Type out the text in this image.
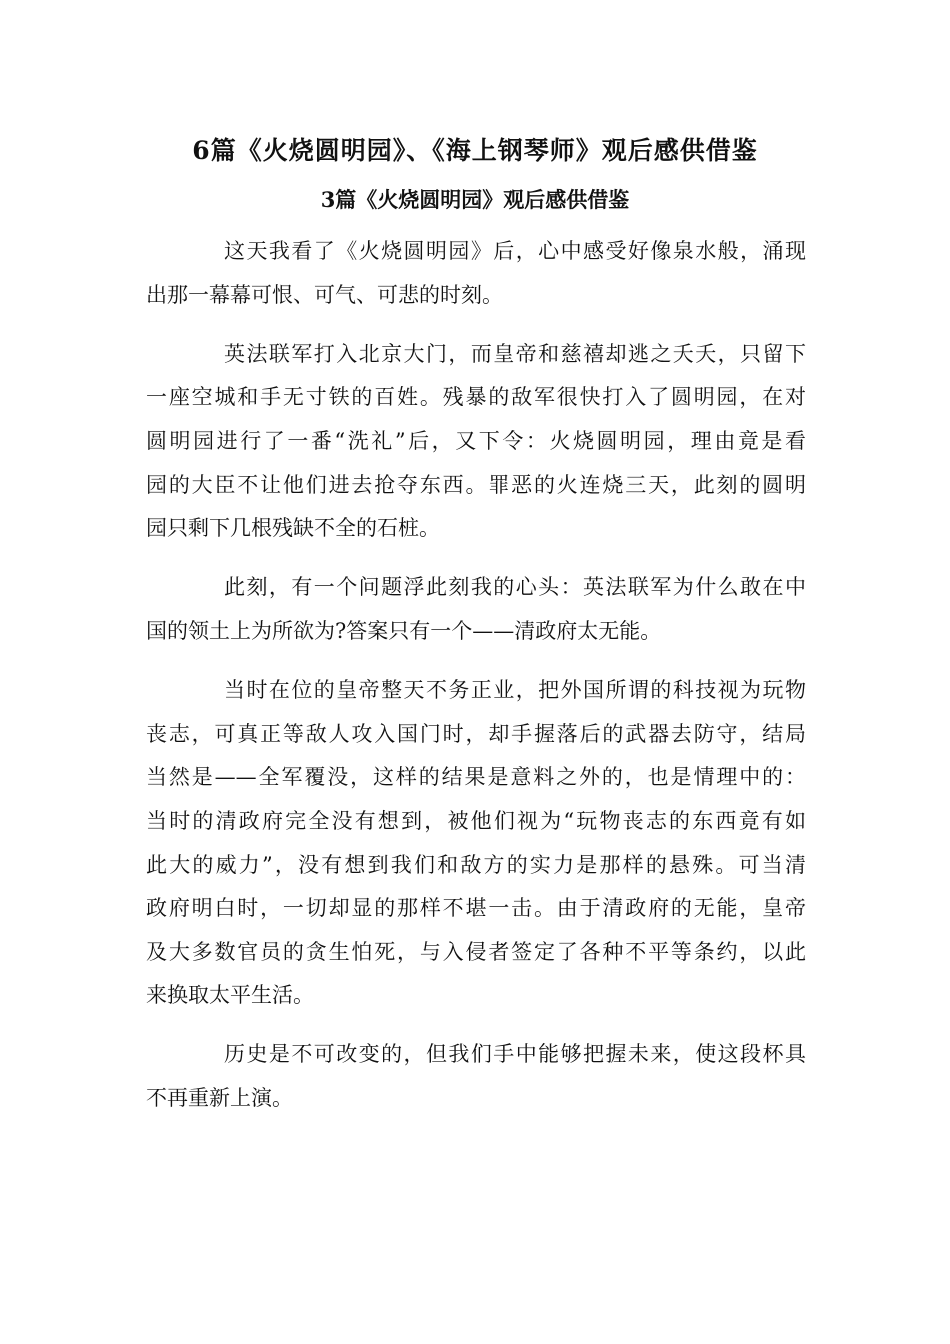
6篇《火烧圆明园》、《海上钢琴师》观后感供借鉴
3篇《火烧圆明园》观后感供借鉴
这天我看了《火烧圆明园》后，心中感受好像泉水般，涌现
出那一幕幕可恨、可气、可悲的时刻。
英法联军打入北京大门，而皇帝和慈禧却逃之夭夭，只留下
一座空城和手无寸铁的百姓。残暴的敌军很快打入了圆明园，在对
圆明园进行了一番“洗礼”后，又下令：火烧圆明园，理由竟是看
园的大臣不让他们进去抢夺东西。罪恶的火连烧三天，此刻的圆明
园只剩下几根残缺不全的石桩。
此刻，有一个问题浮此刻我的心头：英法联军为什么敢在中
国的领土上为所欲为?答案只有一个——清政府太无能。
当时在位的皇帝整天不务正业，把外国所谓的科技视为玩物
丧志，可真正等敌人攻入国门时，却手握落后的武器去防守，结局
当然是——全军覆没，这样的结果是意料之外的，也是情理中的：
当时的清政府完全没有想到，被他们视为“玩物丧志的东西竟有如
此大的威力”，没有想到我们和敌方的实力是那样的悬殊。可当清
政府明白时，一切却显的那样不堪一击。由于清政府的无能，皇帝
及大多数官员的贪生怕死，与入侵者签定了各种不平等条约，以此
来换取太平生活。
历史是不可改变的，但我们手中能够把握未来，使这段杯具
不再重新上演。
